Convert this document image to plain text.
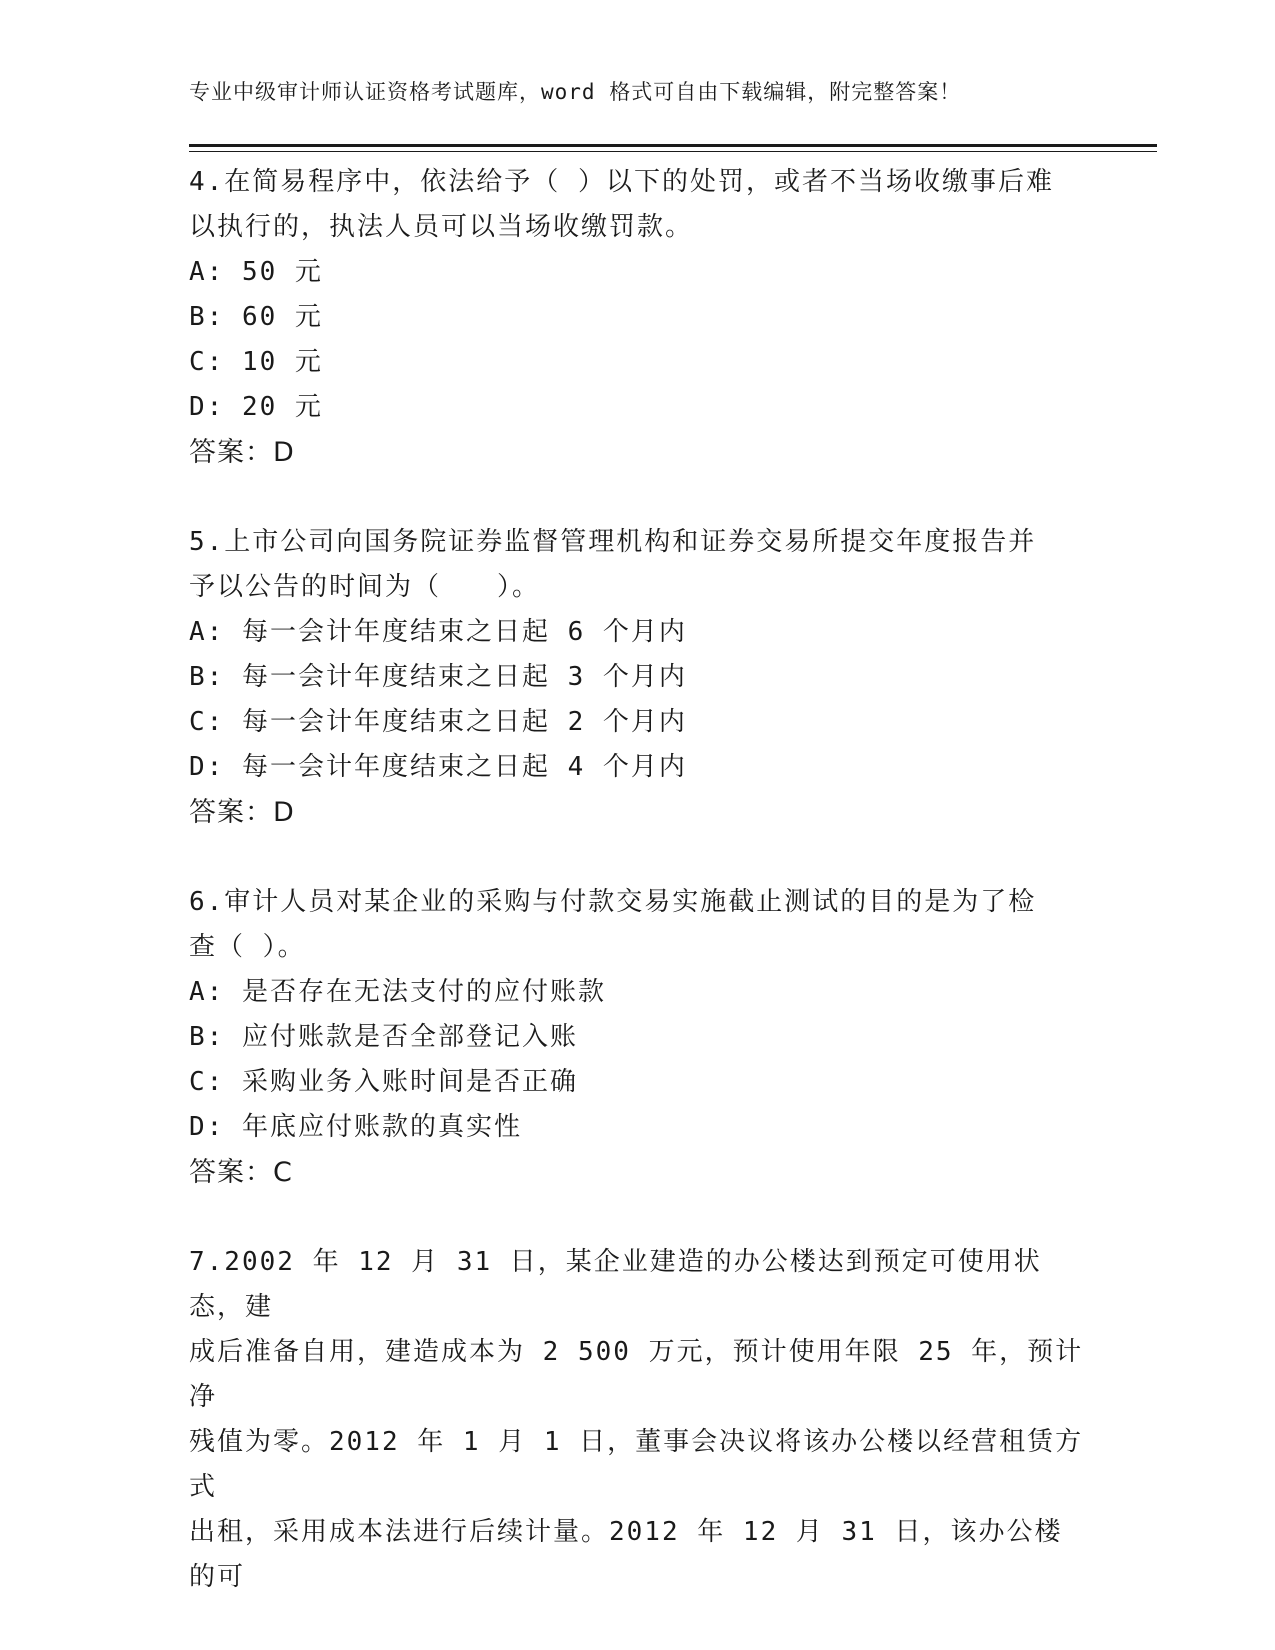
专业中级审计师认证资格考试题库，word 格式可自由下载编辑，附完整答案！
4.在简易程序中，依法给予（ ）以下的处罚，或者不当场收缴事后难
以执行的，执法人员可以当场收缴罚款。
A: 50 元
B: 60 元
C: 10 元
D: 20 元
答案：D
5.上市公司向国务院证券监督管理机构和证券交易所提交年度报告并
予以公告的时间为（　　）。
A: 每一会计年度结束之日起 6 个月内
B: 每一会计年度结束之日起 3 个月内
C: 每一会计年度结束之日起 2 个月内
D: 每一会计年度结束之日起 4 个月内
答案：D
6.审计人员对某企业的采购与付款交易实施截止测试的目的是为了检
查（ ）。
A: 是否存在无法支付的应付账款
B: 应付账款是否全部登记入账
C: 采购业务入账时间是否正确
D: 年底应付账款的真实性
答案：C
7.2002 年 12 月 31 日，某企业建造的办公楼达到预定可使用状态，建
成后准备自用，建造成本为 2 500 万元，预计使用年限 25 年，预计净
残值为零。2012 年 1 月 1 日，董事会决议将该办公楼以经营租赁方式
出租，采用成本法进行后续计量。2012 年 12 月 31 日，该办公楼的可
